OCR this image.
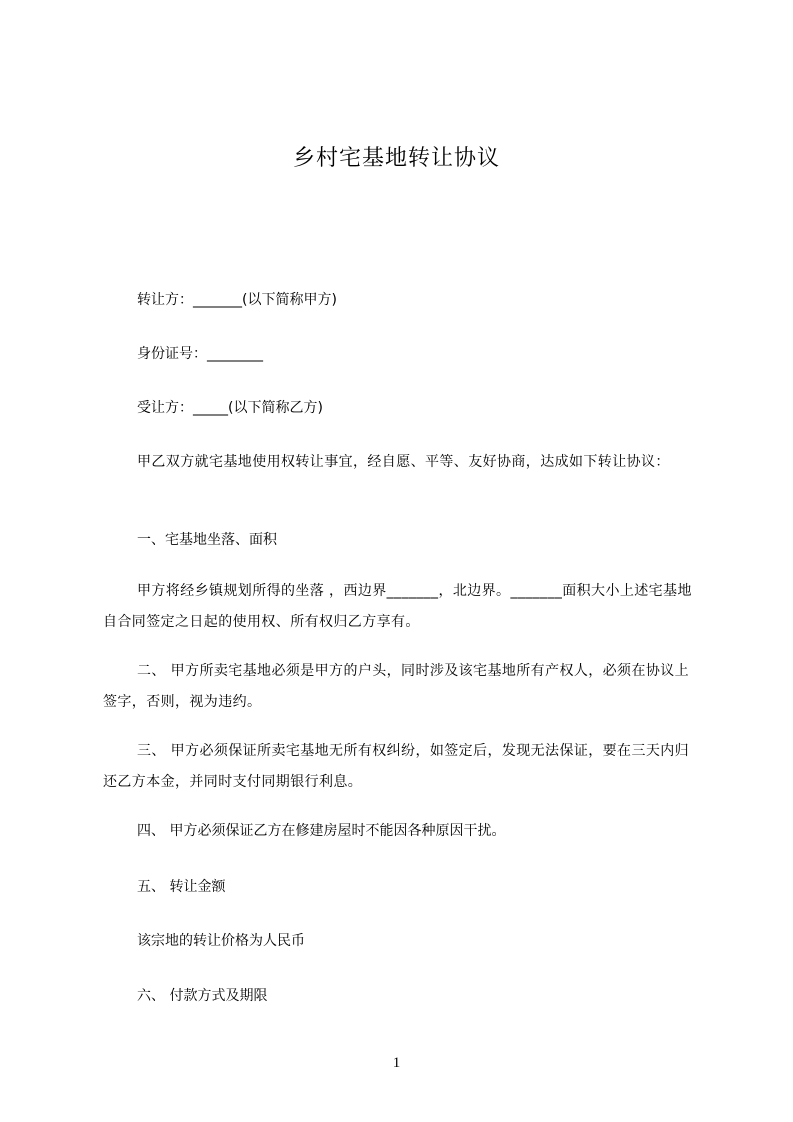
乡村宅基地转让协议
转让方：_______(以下简称甲方)
身份证号：________
受让方：_____(以下简称乙方)
甲乙双方就宅基地使用权转让事宜，经自愿、平等、友好协商，达成如下转让协议：
一、宅基地坐落、面积
甲方将经乡镇规划所得的坐落 ，西边界_______，北边界。_______面积大小上述宅基地自合同签定之日起的使用权、所有权归乙方享有。
二、 甲方所卖宅基地必须是甲方的户头，同时涉及该宅基地所有产权人，必须在协议上签字，否则，视为违约。
三、 甲方必须保证所卖宅基地无所有权纠纷，如签定后，发现无法保证，要在三天内归还乙方本金，并同时支付同期银行利息。
四、 甲方必须保证乙方在修建房屋时不能因各种原因干扰。
五、 转让金额
该宗地的转让价格为人民币
六、 付款方式及期限
1
